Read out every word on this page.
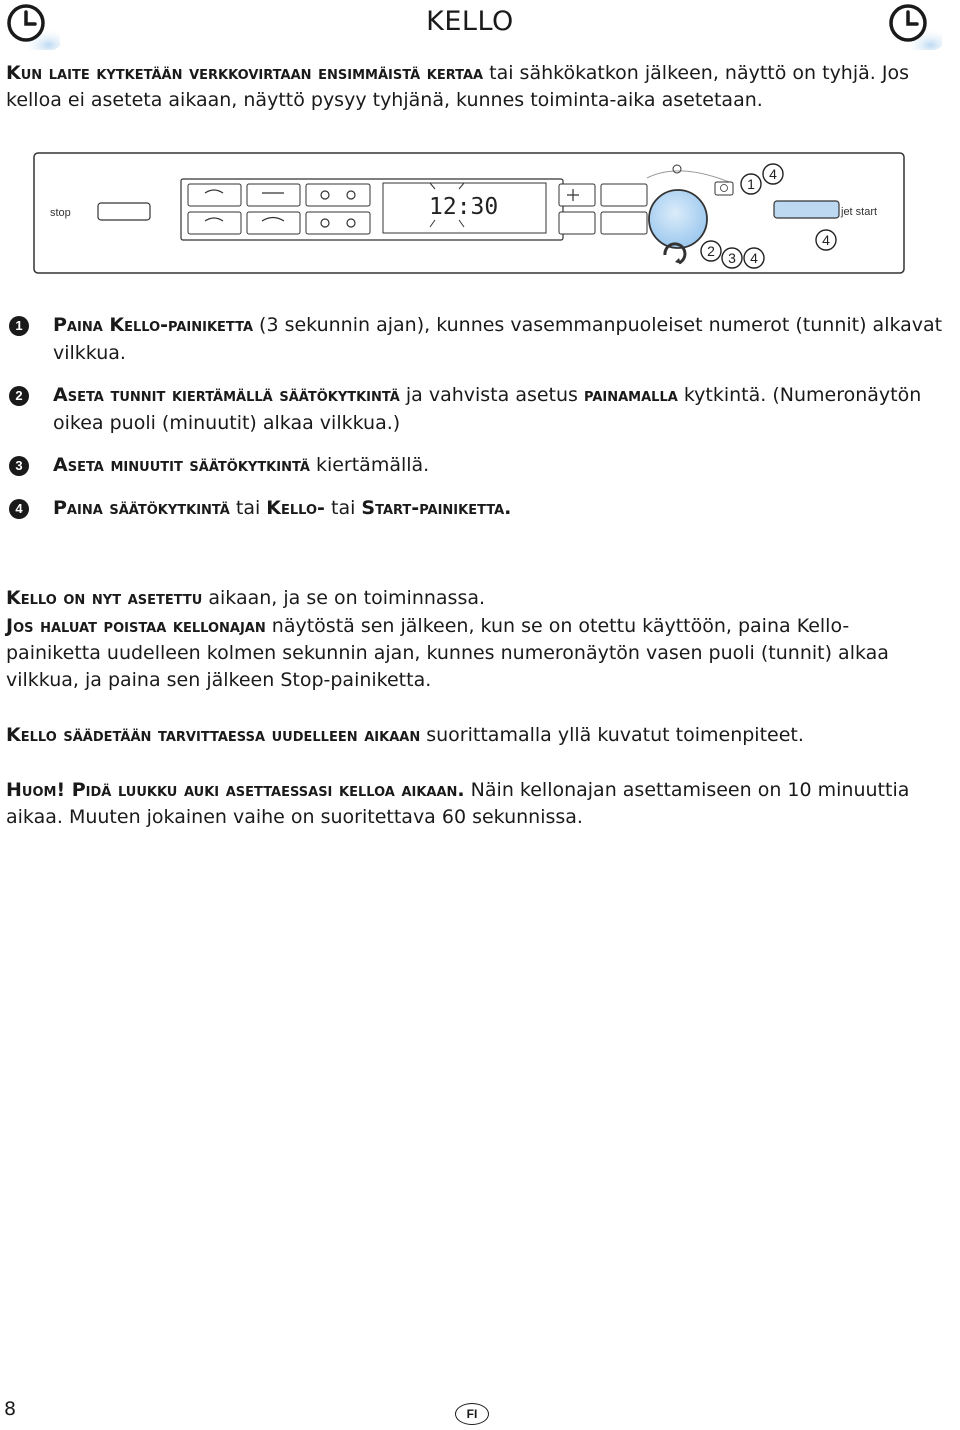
KELLO

Kun laite kytketään verkkovirtaan ensimmäistä kertaa tai sähkökatkon jälkeen, näyttö on tyhjä. Jos kelloa ei aseteta aikaan, näyttö pysyy tyhjänä, kunnes toiminta-aika asetetaan.

stop	12:30	jet start
1
4
2 3 4
4
1	Paina Kello-painiketta (3 sekunnin ajan), kunnes vasemmanpuoleiset numerot (tunnit) alkavat vilkkua.

2	Aseta tunnit kiertämällä säätökytkintä ja vahvista asetus painamalla kytkintä. (Numeronäytön oikea puoli (minuutit) alkaa vilkkua.)

3	Aseta minuutit säätökytkintä kiertämällä.

4	Paina säätökytkintä tai Kello- tai Start-painiketta.

Kello on nyt asetettu aikaan, ja se on toiminnassa.

Jos haluat poistaa kellonajan näytöstä sen jälkeen, kun se on otettu käyttöön, paina Kello-painiketta uudelleen kolmen sekunnin ajan, kunnes numeronäytön vasen puoli (tunnit) alkaa vilkkua, ja paina sen jälkeen Stop-painiketta.

Kello säädetään tarvittaessa uudelleen aikaan suorittamalla yllä kuvatut toimenpiteet.

Huom! Pidä luukku auki asettaessasi kelloa aikaan. Näin kellonajan asettamiseen on 10 minuuttia aikaa. Muuten jokainen vaihe on suoritettava 60 sekunnissa.

8	FI
